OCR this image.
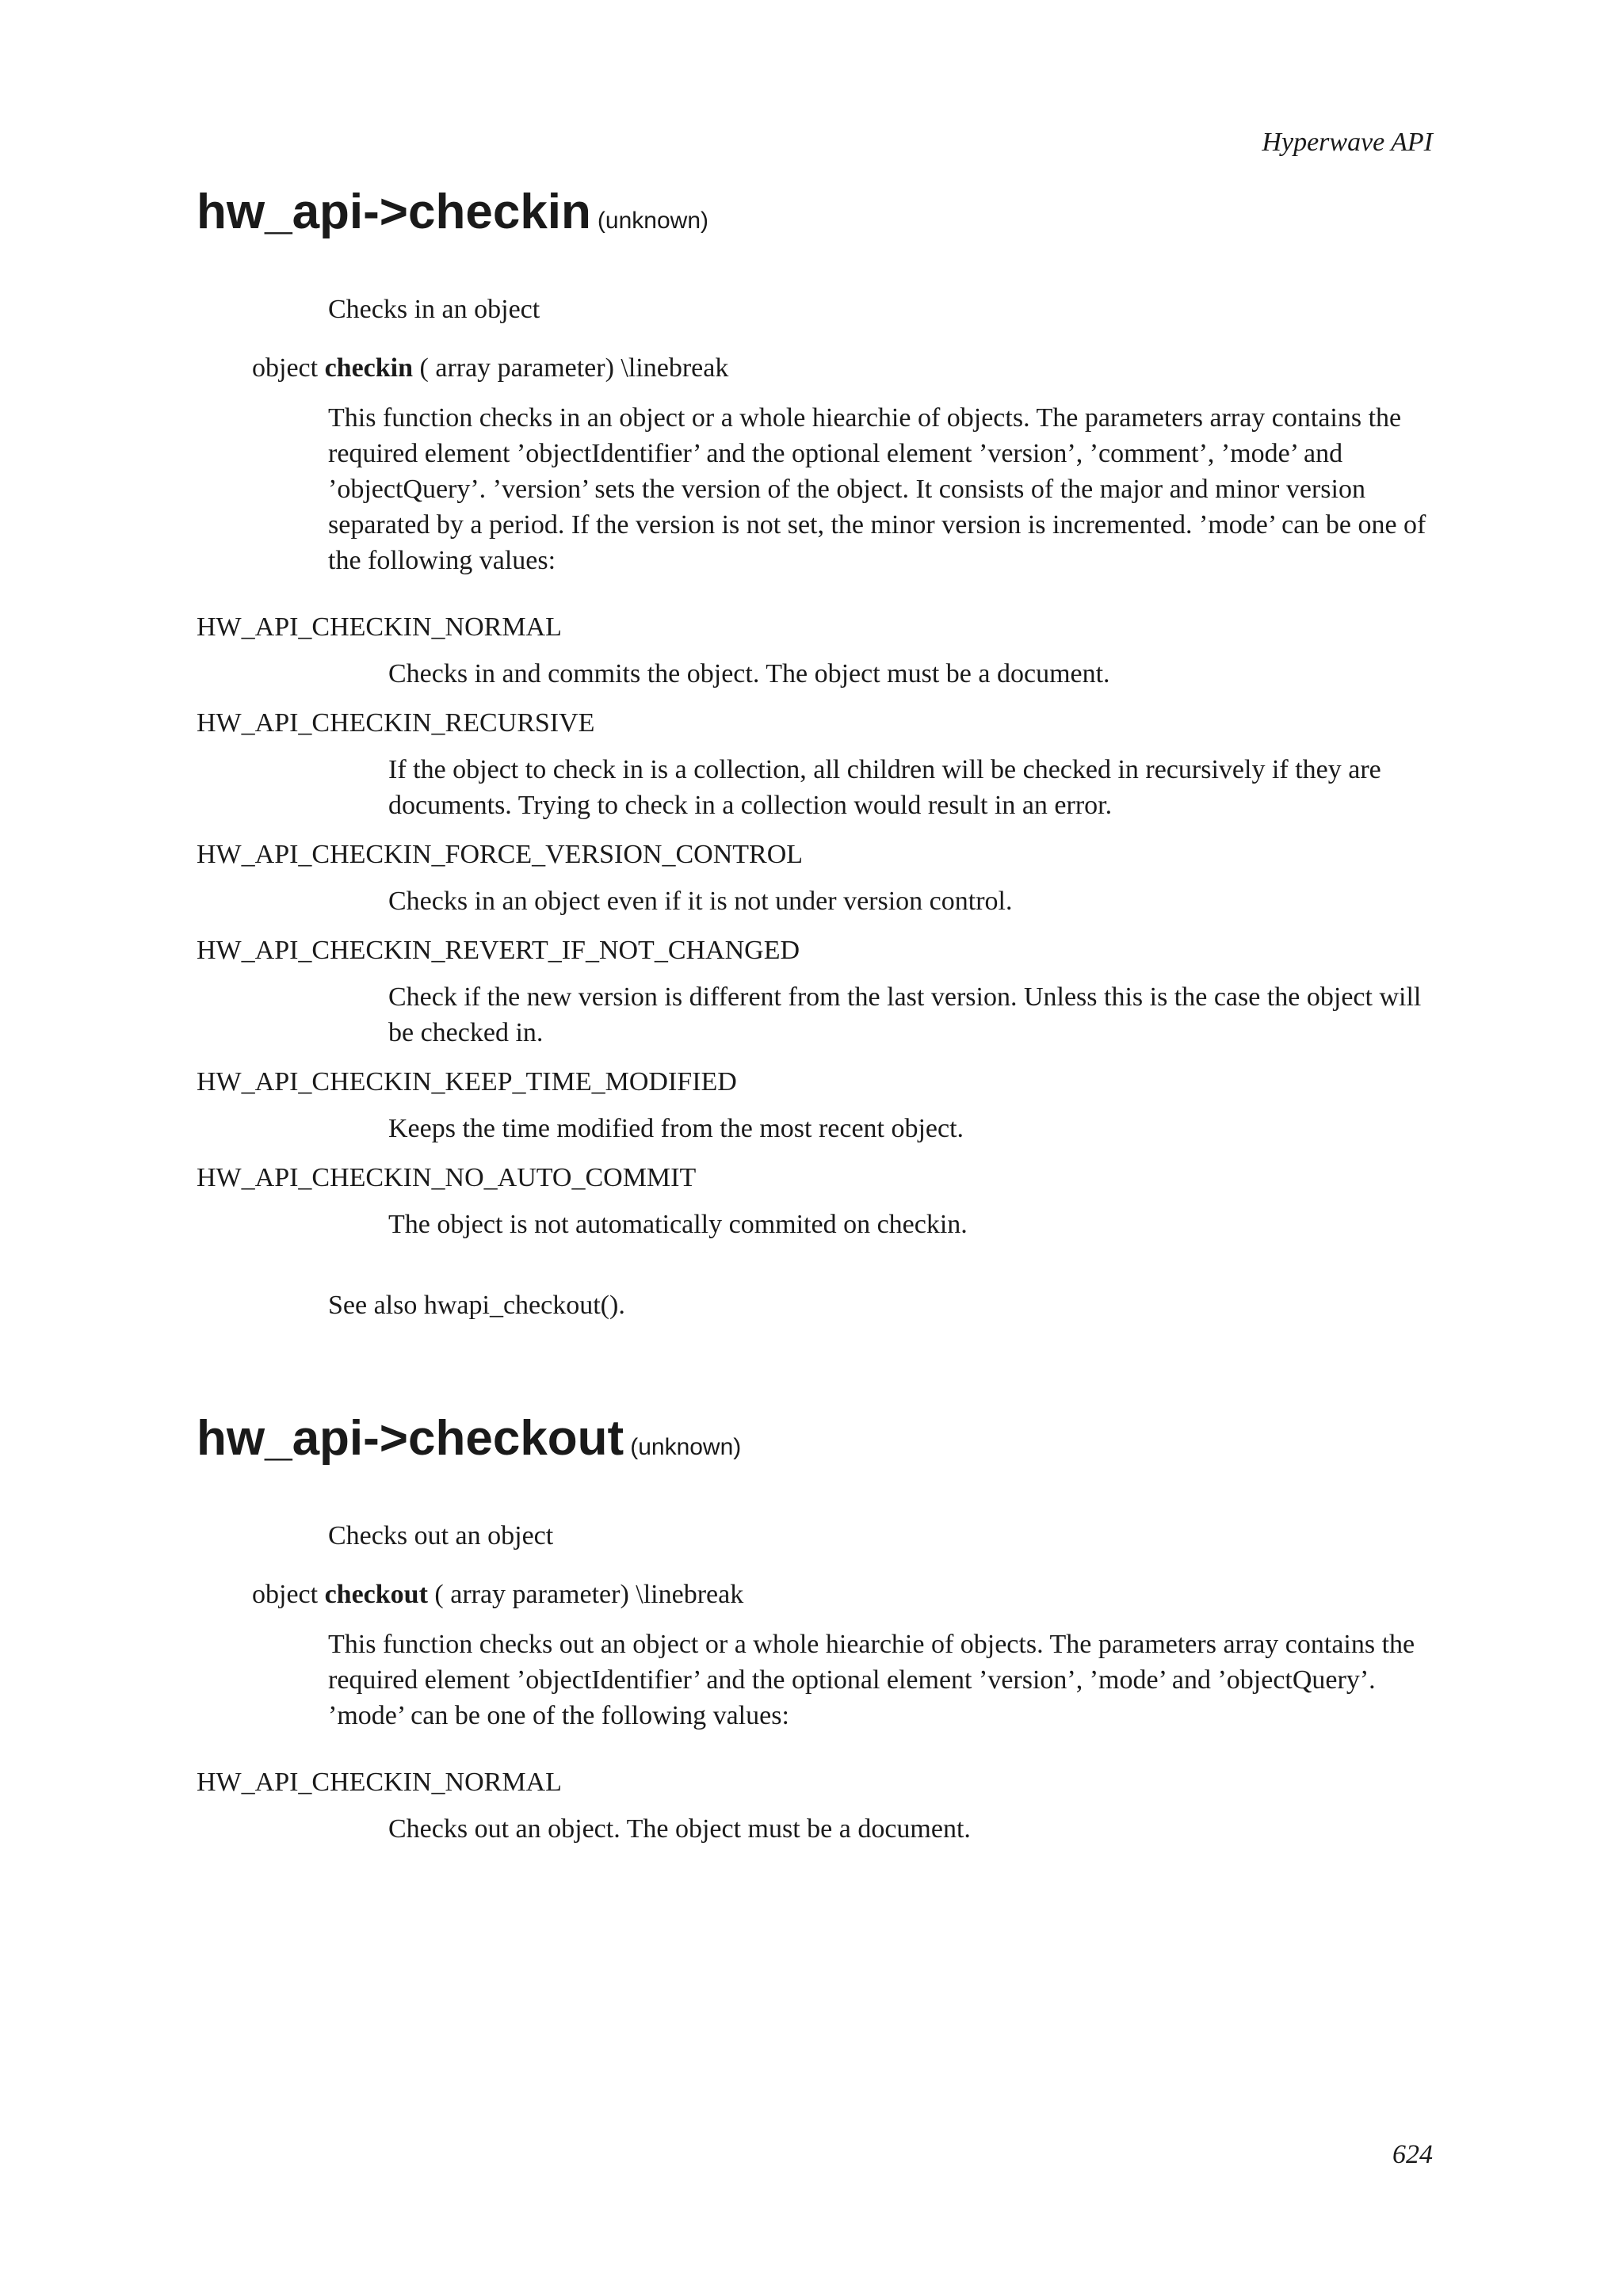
Hyperwave API
hw_api->checkin (unknown)
Checks in an object
object checkin ( array parameter) \linebreak
This function checks in an object or a whole hiearchie of objects. The parameters array contains the required element ’objectIdentifier’ and the optional element ’version’, ’comment’, ’mode’ and ’objectQuery’. ’version’ sets the version of the object. It consists of the major and minor version separated by a period. If the version is not set, the minor version is incremented. ’mode’ can be one of the following values:
HW_API_CHECKIN_NORMAL
Checks in and commits the object. The object must be a document.
HW_API_CHECKIN_RECURSIVE
If the object to check in is a collection, all children will be checked in recursively if they are documents. Trying to check in a collection would result in an error.
HW_API_CHECKIN_FORCE_VERSION_CONTROL
Checks in an object even if it is not under version control.
HW_API_CHECKIN_REVERT_IF_NOT_CHANGED
Check if the new version is different from the last version. Unless this is the case the object will be checked in.
HW_API_CHECKIN_KEEP_TIME_MODIFIED
Keeps the time modified from the most recent object.
HW_API_CHECKIN_NO_AUTO_COMMIT
The object is not automatically commited on checkin.
See also hwapi_checkout().
hw_api->checkout (unknown)
Checks out an object
object checkout ( array parameter) \linebreak
This function checks out an object or a whole hiearchie of objects. The parameters array contains the required element ’objectIdentifier’ and the optional element ’version’, ’mode’ and ’objectQuery’. ’mode’ can be one of the following values:
HW_API_CHECKIN_NORMAL
Checks out an object. The object must be a document.
624
